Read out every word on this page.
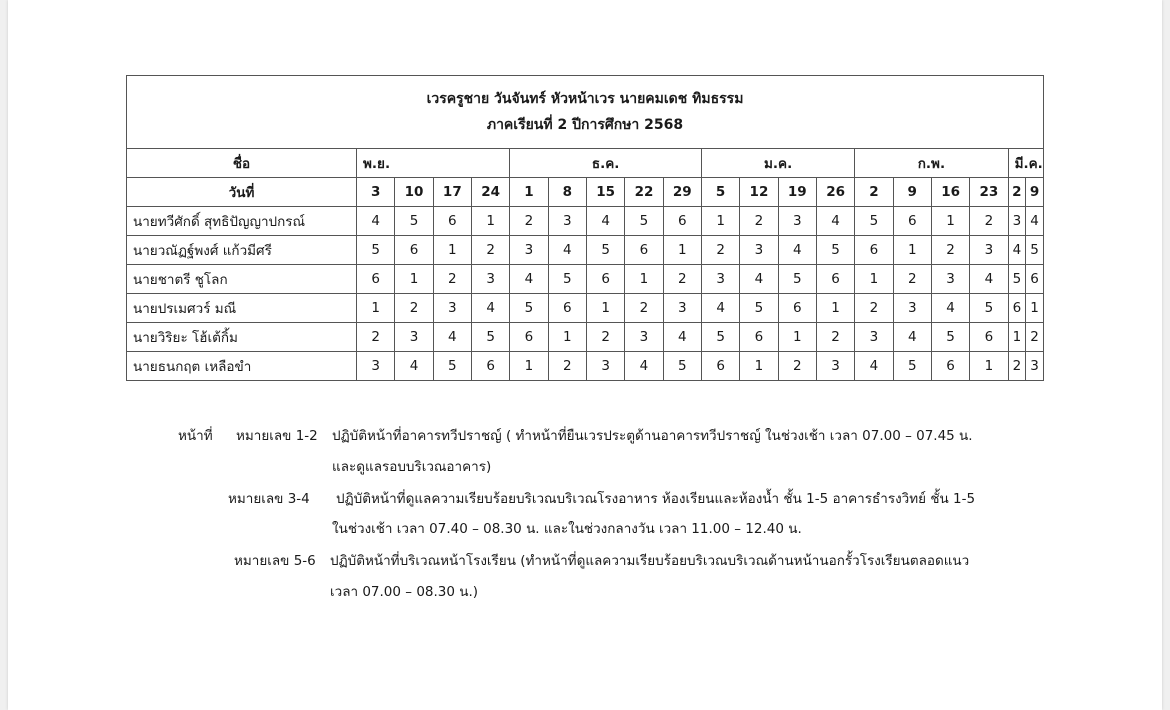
เวรครูชาย วันจันทร์ หัวหน้าเวร นายคมเดช ทิมธรรม
ภาคเรียนที่ 2 ปีการศึกษา 2568																			

ชื่อ	พ.ย.				ธ.ค.					ม.ค.				ก.พ.				มี.ค.	
วันที่	3	10	17	24	1	8	15	22	29	5	12	19	26	2	9	16	23	2	9
นายทวีศักดิ์ สุทธิปัญญาปกรณ์	4	5	6	1	2	3	4	5	6	1	2	3	4	5	6	1	2	3	4
นายวณัฏฐ์พงศ์ แก้วมีศรี	5	6	1	2	3	4	5	6	1	2	3	4	5	6	1	2	3	4	5
นายชาตรี ชูโลก	6	1	2	3	4	5	6	1	2	3	4	5	6	1	2	3	4	5	6
นายปรเมศวร์ มณี	1	2	3	4	5	6	1	2	3	4	5	6	1	2	3	4	5	6	1
นายวิริยะ โฮ้เต้กิ้ม	2	3	4	5	6	1	2	3	4	5	6	1	2	3	4	5	6	1	2
นายธนกฤต เหลือขำ	3	4	5	6	1	2	3	4	5	6	1	2	3	4	5	6	1	2	3
หน้าที่ หมายเลข 1-2 ปฏิบัติหน้าที่อาคารทวีปราชญ์ ( ทำหน้าที่ยืนเวรประตูด้านอาคารทวีปราชญ์ ในช่วงเช้า เวลา 07.00 – 07.45 น.
และดูแลรอบบริเวณอาคาร)
หมายเลข 3-4 ปฏิบัติหน้าที่ดูแลความเรียบร้อยบริเวณบริเวณโรงอาหาร ห้องเรียนและห้องน้ำ ชั้น 1-5 อาคารธำรงวิทย์ ชั้น 1-5
ในช่วงเช้า เวลา 07.40 – 08.30 น. และในช่วงกลางวัน เวลา 11.00 – 12.40 น.
หมายเลข 5-6 ปฏิบัติหน้าที่บริเวณหน้าโรงเรียน (ทำหน้าที่ดูแลความเรียบร้อยบริเวณบริเวณด้านหน้านอกรั้วโรงเรียนตลอดแนว
เวลา 07.00 – 08.30 น.)
